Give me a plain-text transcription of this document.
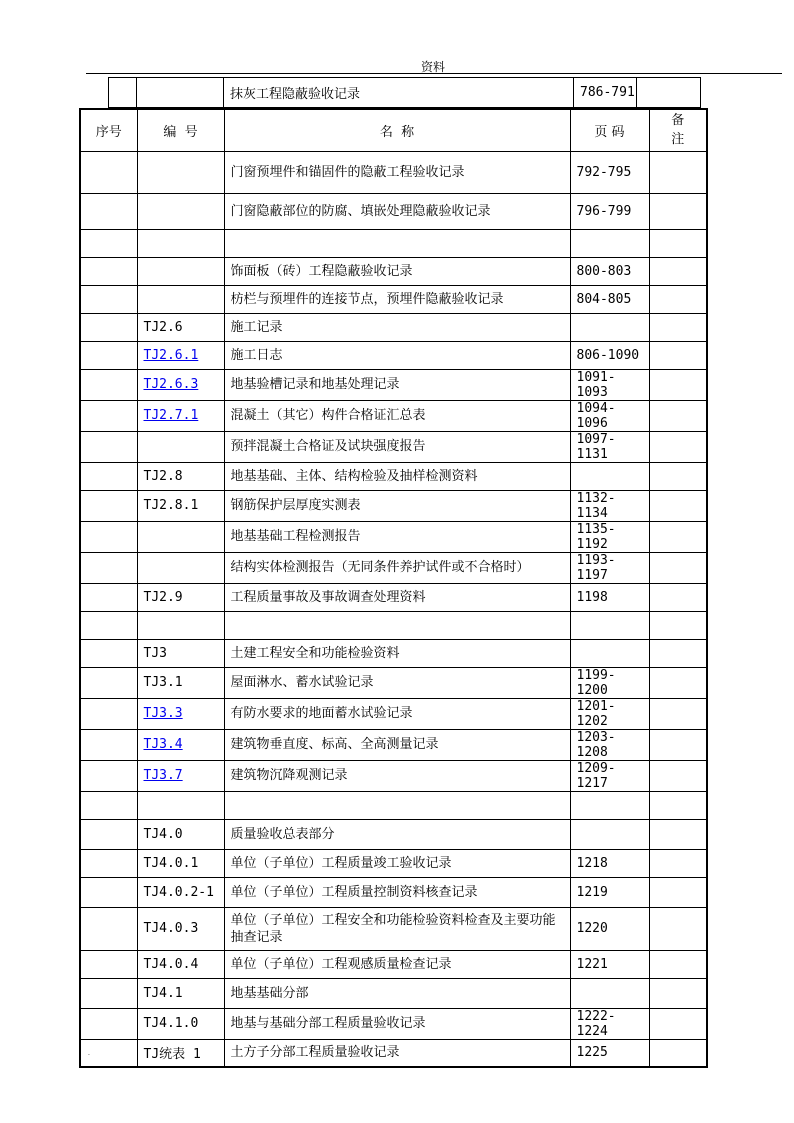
资料
		抹灰工程隐蔽验收记录	786-791	
序号	编  号	名  称	页 码	备注
		门窗预埋件和锚固件的隐蔽工程验收记录	792-795	
		门窗隐蔽部位的防腐、填嵌处理隐蔽验收记录	796-799	

		饰面板（砖）工程隐蔽验收记录	800-803	
		枋栏与预埋件的连接节点，预埋件隐蔽验收记录	804-805	
	TJ2.6	施工记录		
	TJ2.6.1	施工日志	806-1090	
	TJ2.6.3	地基验槽记录和地基处理记录	1091-1093	
	TJ2.7.1	混凝土（其它）构件合格证汇总表	1094-1096	
		预拌混凝土合格证及试块强度报告	1097-1131	
	TJ2.8	地基基础、主体、结构检验及抽样检测资料		
	TJ2.8.1	钢筋保护层厚度实测表	1132-1134	
		地基基础工程检测报告	1135-1192	
		结构实体检测报告（无同条件养护试件或不合格时）	1193-1197	
	TJ2.9	工程质量事故及事故调查处理资料	1198	

	TJ3	土建工程安全和功能检验资料		
	TJ3.1	屋面淋水、蓄水试验记录	1199-1200	
	TJ3.3	有防水要求的地面蓄水试验记录	1201-1202	
	TJ3.4	建筑物垂直度、标高、全高测量记录	1203-1208	
	TJ3.7	建筑物沉降观测记录	1209-1217	

	TJ4.0	质量验收总表部分		
	TJ4.0.1	单位（子单位）工程质量竣工验收记录	1218	
	TJ4.0.2-1	单位（子单位）工程质量控制资料核查记录	1219	
	TJ4.0.3	单位（子单位）工程安全和功能检验资料检查及主要功能抽查记录	1220	
	TJ4.0.4	单位（子单位）工程观感质量检查记录	1221	
	TJ4.1	地基基础分部		
	TJ4.1.0	地基与基础分部工程质量验收记录	1222-1224	
	TJ统表 1	土方子分部工程质量验收记录	1225	
.
